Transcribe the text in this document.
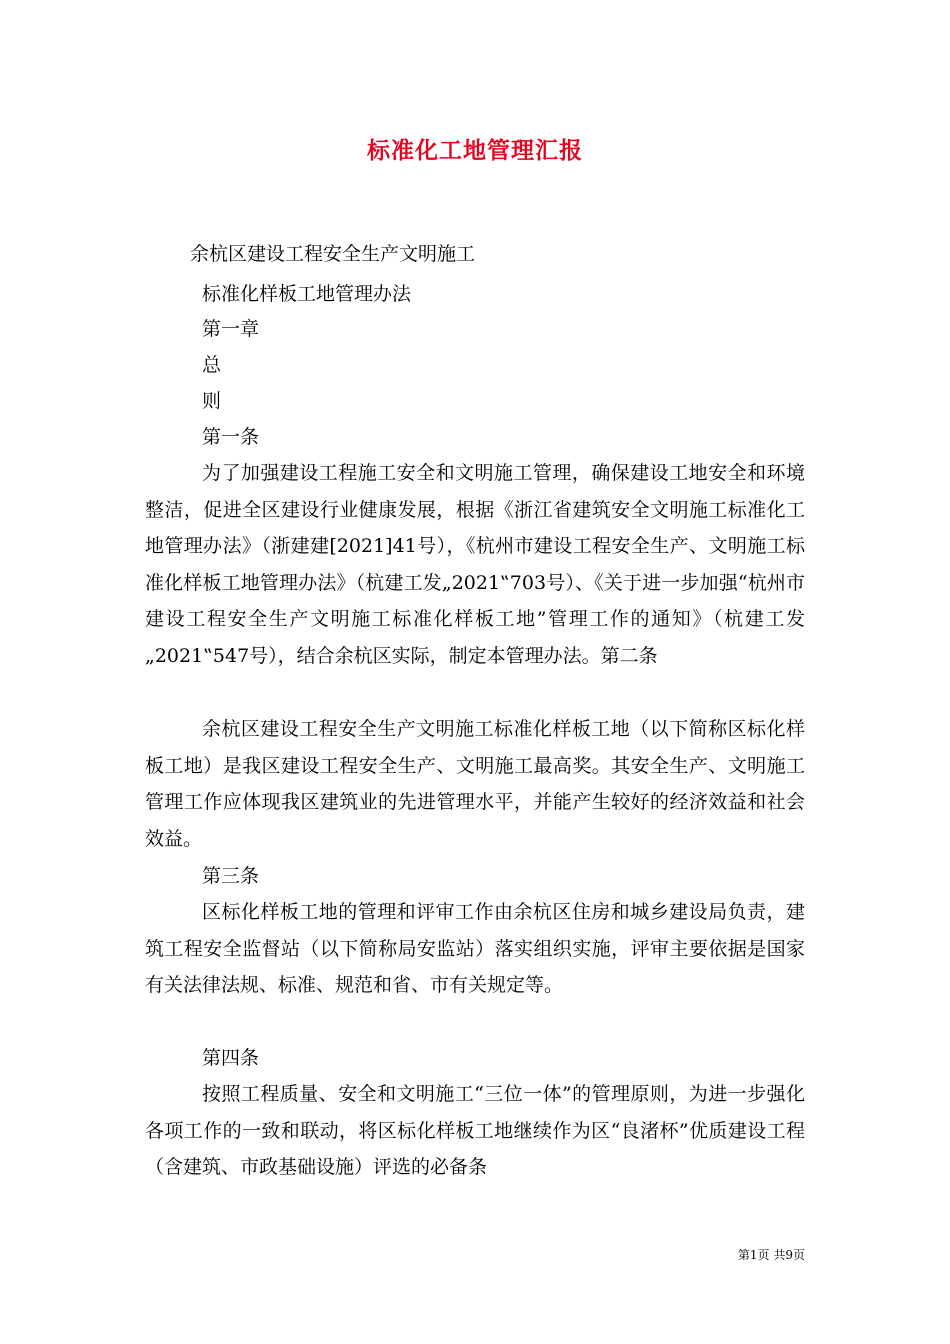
标准化工地管理汇报
余杭区建设工程安全生产文明施工
标准化样板工地管理办法
第一章
总
则
第一条
为了加强建设工程施工安全和文明施工管理，确保建设工地安全和环境整洁，促进全区建设行业健康发展，根据《浙江省建筑安全文明施工标准化工地管理办法》（浙建建[2021]41号），《杭州市建设工程安全生产、文明施工标准化样板工地管理办法》（杭建工发„2021‟703号）、《关于进一步加强“杭州市建设工程安全生产文明施工标准化样板工地”管理工作的通知》（杭建工发„2021‟547号），结合余杭区实际，制定本管理办法。第二条
余杭区建设工程安全生产文明施工标准化样板工地（以下简称区标化样板工地）是我区建设工程安全生产、文明施工最高奖。其安全生产、文明施工管理工作应体现我区建筑业的先进管理水平，并能产生较好的经济效益和社会效益。
第三条
区标化样板工地的管理和评审工作由余杭区住房和城乡建设局负责，建筑工程安全监督站（以下简称局安监站）落实组织实施，评审主要依据是国家有关法律法规、标准、规范和省、市有关规定等。
第四条
按照工程质量、安全和文明施工“三位一体”的管理原则，为进一步强化各项工作的一致和联动，将区标化样板工地继续作为区“良渚杯”优质建设工程（含建筑、市政基础设施）评选的必备条
第1页 共9页
